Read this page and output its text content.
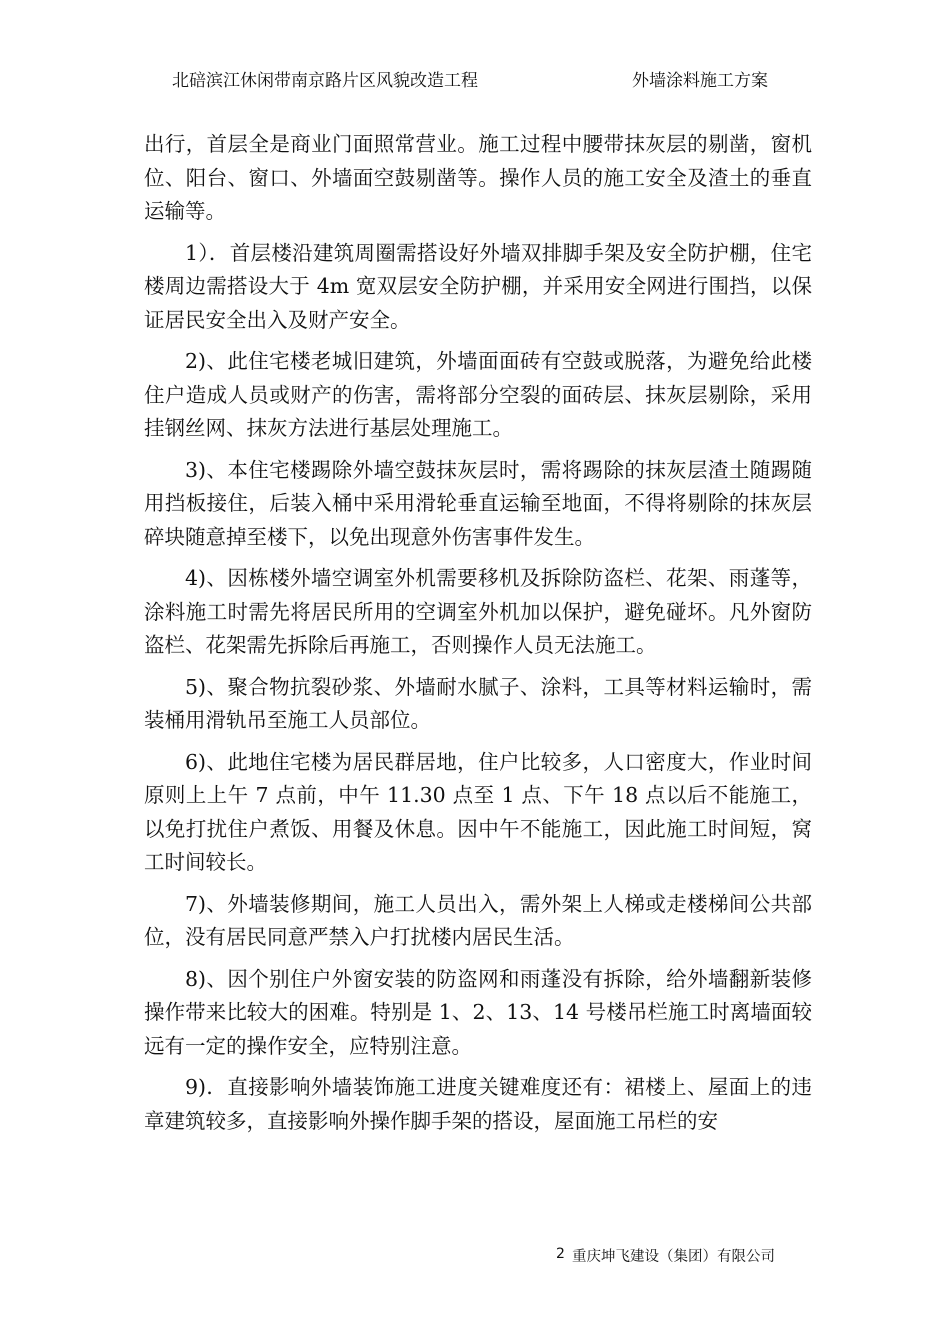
北碚滨江休闲带南京路片区风貌改造工程	外墙涂料施工方案

出行，首层全是商业门面照常营业。施工过程中腰带抹灰层的剔凿，窗机位、阳台、窗口、外墙面空鼓剔凿等。操作人员的施工安全及渣土的垂直运输等。

1）．首层楼沿建筑周圈需搭设好外墙双排脚手架及安全防护棚，住宅楼周边需搭设大于 4m 宽双层安全防护棚，并采用安全网进行围挡，以保证居民安全出入及财产安全。

2)、此住宅楼老城旧建筑，外墙面面砖有空鼓或脱落，为避免给此楼住户造成人员或财产的伤害，需将部分空裂的面砖层、抹灰层剔除，采用挂钢丝网、抹灰方法进行基层处理施工。

3)、本住宅楼踢除外墙空鼓抹灰层时，需将踢除的抹灰层渣土随踢随用挡板接住，后装入桶中采用滑轮垂直运输至地面，不得将剔除的抹灰层碎块随意掉至楼下，以免出现意外伤害事件发生。

4)、因栋楼外墙空调室外机需要移机及拆除防盗栏、花架、雨蓬等，涂料施工时需先将居民所用的空调室外机加以保护，避免碰坏。凡外窗防盗栏、花架需先拆除后再施工，否则操作人员无法施工。

5)、聚合物抗裂砂浆、外墙耐水腻子、涂料，工具等材料运输时，需装桶用滑轨吊至施工人员部位。

6)、此地住宅楼为居民群居地，住户比较多，人口密度大，作业时间原则上上午 7 点前，中午 11.30 点至 1 点、下午 18 点以后不能施工，以免打扰住户煮饭、用餐及休息。因中午不能施工，因此施工时间短，窝工时间较长。

7)、外墙装修期间，施工人员出入，需外架上人梯或走楼梯间公共部位，没有居民同意严禁入户打扰楼内居民生活。

8)、因个别住户外窗安装的防盗网和雨蓬没有拆除，给外墙翻新装修操作带来比较大的困难。特别是 1、2、13、14 号楼吊栏施工时离墙面较远有一定的操作安全，应特别注意。

9)．直接影响外墙装饰施工进度关键难度还有：裙楼上、屋面上的违章建筑较多，直接影响外操作脚手架的搭设，屋面施工吊栏的安

2 重庆坤飞建设（集团）有限公司
